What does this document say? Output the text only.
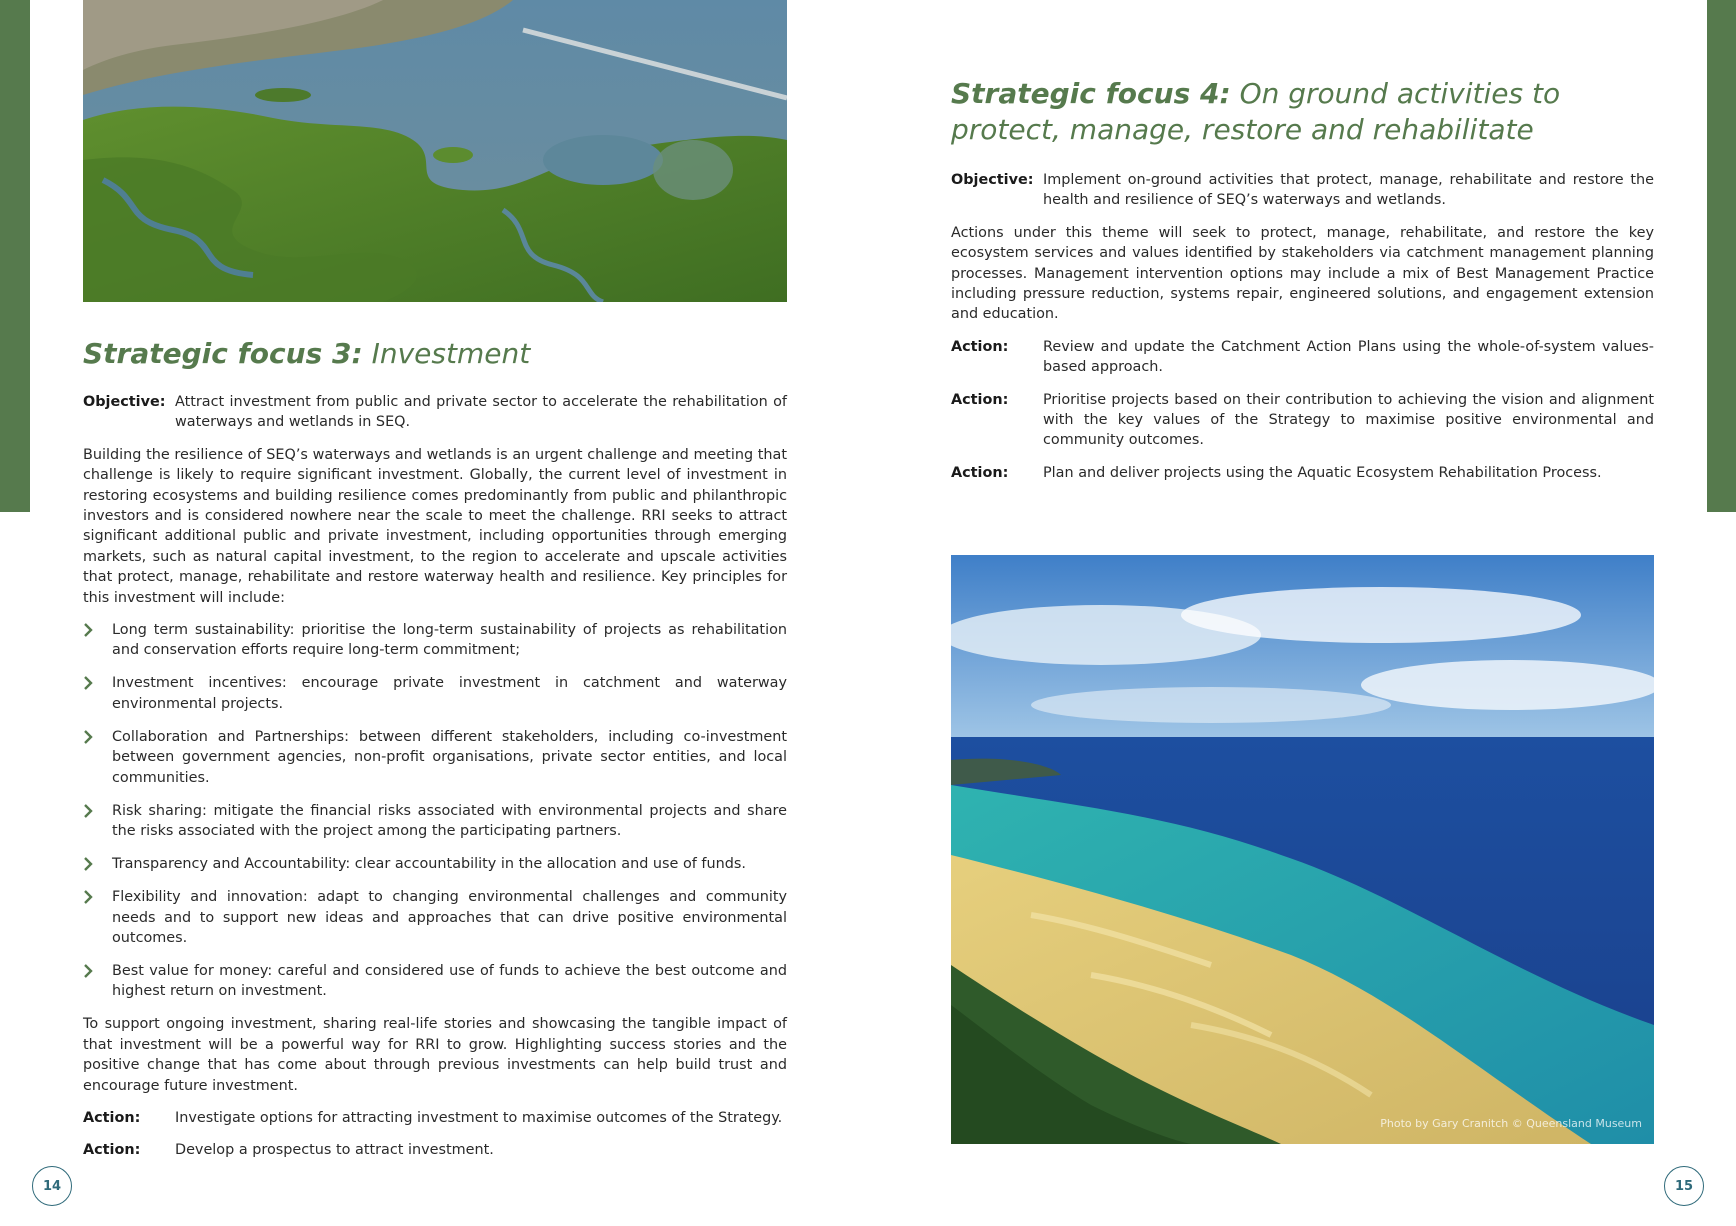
Strategic focus 3: Investment
Objective: Attract investment from public and private sector to accelerate the rehabilitation of waterways and wetlands in SEQ.

Building the resilience of SEQ’s waterways and wetlands is an urgent challenge and meeting that challenge is likely to require significant investment. Globally, the current level of investment in restoring ecosystems and building resilience comes predominantly from public and philanthropic investors and is considered nowhere near the scale to meet the challenge. RRI seeks to attract significant additional public and private investment, including opportunities through emerging markets, such as natural capital investment, to the region to accelerate and upscale activities that protect, manage, rehabilitate and restore waterway health and resilience. Key principles for this investment will include:

Long term sustainability: prioritise the long-term sustainability of projects as rehabilitation and conservation efforts require long-term commitment;
Investment incentives: encourage private investment in catchment and waterway environmental projects.
Collaboration and Partnerships: between different stakeholders, including co-investment between government agencies, non-profit organisations, private sector entities, and local communities.
Risk sharing: mitigate the financial risks associated with environmental projects and share the risks associated with the project among the participating partners.
Transparency and Accountability: clear accountability in the allocation and use of funds.
Flexibility and innovation: adapt to changing environmental challenges and community needs and to support new ideas and approaches that can drive positive environmental outcomes.
Best value for money: careful and considered use of funds to achieve the best outcome and highest return on investment.

To support ongoing investment, sharing real-life stories and showcasing the tangible impact of that investment will be a powerful way for RRI to grow. Highlighting success stories and the positive change that has come about through previous investments can help build trust and encourage future investment.

Action:	Investigate options for attracting investment to maximise outcomes of the Strategy.
Action:	Develop a prospectus to attract investment.
Strategic focus 4: On ground activities to protect, manage, restore and rehabilitate
Objective: Implement on-ground activities that protect, manage, rehabilitate and restore the health and resilience of SEQ’s waterways and wetlands.

Actions under this theme will seek to protect, manage, rehabilitate, and restore the key ecosystem services and values identified by stakeholders via catchment management planning processes. Management intervention options may include a mix of Best Management Practice including pressure reduction, systems repair, engineered solutions, and engagement extension and education.

Action:	Review and update the Catchment Action Plans using the whole-of-system values-based approach.
Action:	Prioritise projects based on their contribution to achieving the vision and alignment with the key values of the Strategy to maximise positive environmental and community outcomes.
Action:	Plan and deliver projects using the Aquatic Ecosystem Rehabilitation Process.
Photo by Gary Cranitch © Queensland Museum
14	15
